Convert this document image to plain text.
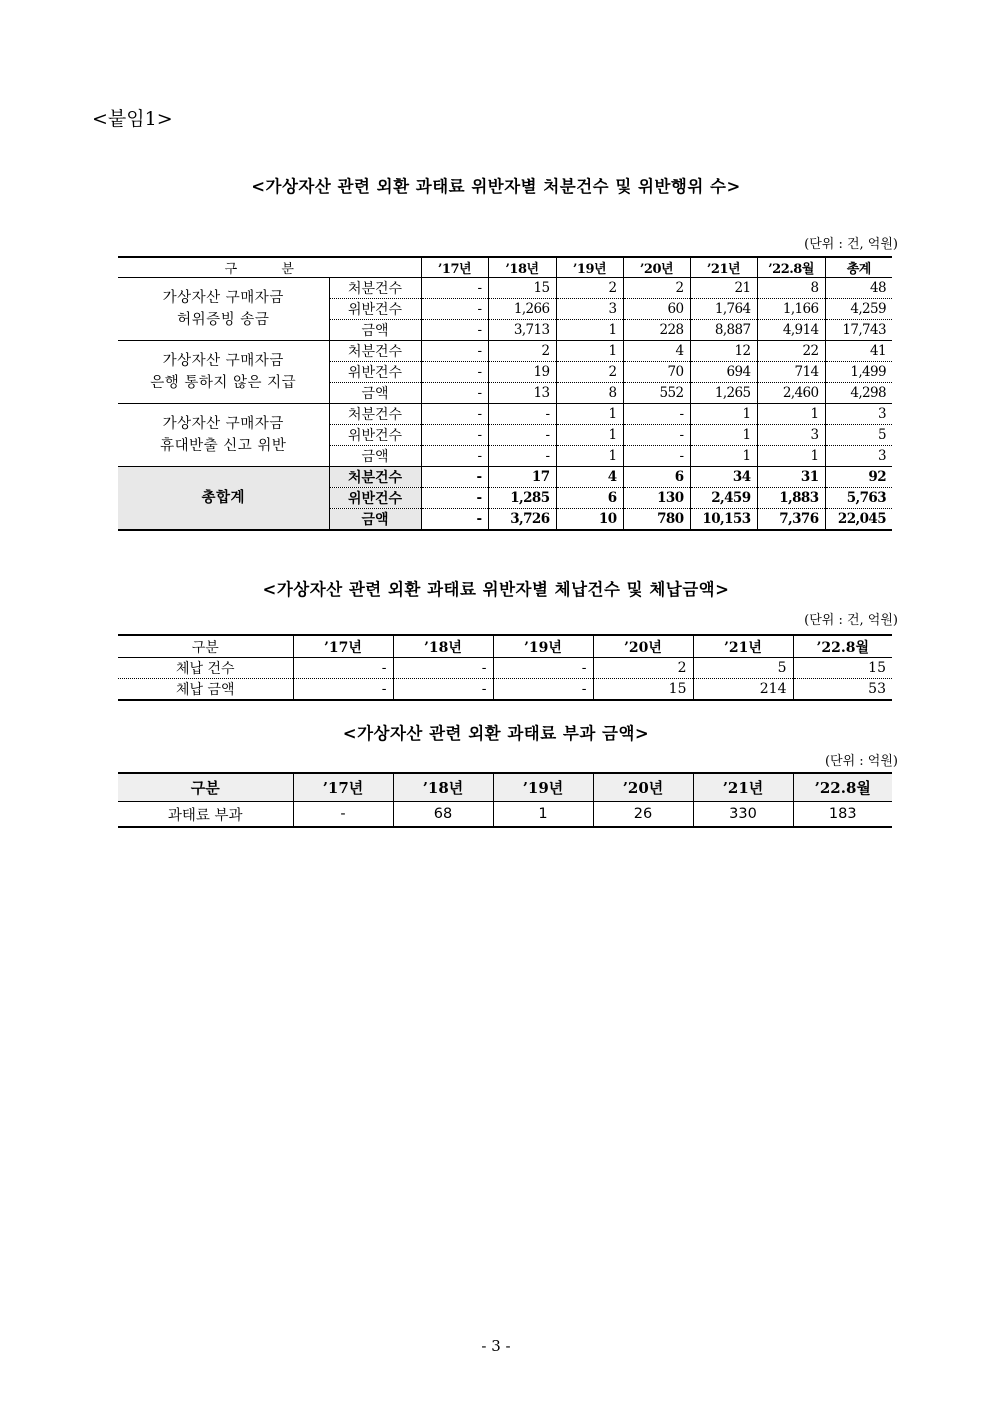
<붙임1>
<가상자산 관련 외환 과태료 위반자별 처분건수 및 위반행위 수>
(단위 : 건, 억원)
구 분		’17년	’18년	’19년	’20년	’21년	’22.8월	총계

가상자산 구매자금
허위증빙 송금	처분건수	-	15	2	2	21	8	48
	위반건수	-	1,266	3	60	1,764	1,166	4,259
	금액	-	3,713	1	228	8,887	4,914	17,743

가상자산 구매자금
은행 통하지 않은 지급	처분건수	-	2	1	4	12	22	41
	위반건수	-	19	2	70	694	714	1,499
	금액	-	13	8	552	1,265	2,460	4,298

가상자산 구매자금
휴대반출 신고 위반	처분건수	-	-	1	-	1	1	3
	위반건수	-	-	1	-	1	3	5
	금액	-	-	1	-	1	1	3

총합계	처분건수	-	17	4	6	34	31	92
	위반건수	-	1,285	6	130	2,459	1,883	5,763
	금액	-	3,726	10	780	10,153	7,376	22,045
<가상자산 관련 외환 과태료 위반자별 체납건수 및 체납금액>
(단위 : 건, 억원)
구분	’17년	’18년	’19년	’20년	’21년	’22.8월
체납 건수	-	-	-	2	5	15
체납 금액	-	-	-	15	214	53
<가상자산 관련 외환 과태료 부과 금액>
(단위 : 억원)
구분	’17년	’18년	’19년	’20년	’21년	’22.8월
과태료 부과	-	68	1	26	330	183
- 3 -
